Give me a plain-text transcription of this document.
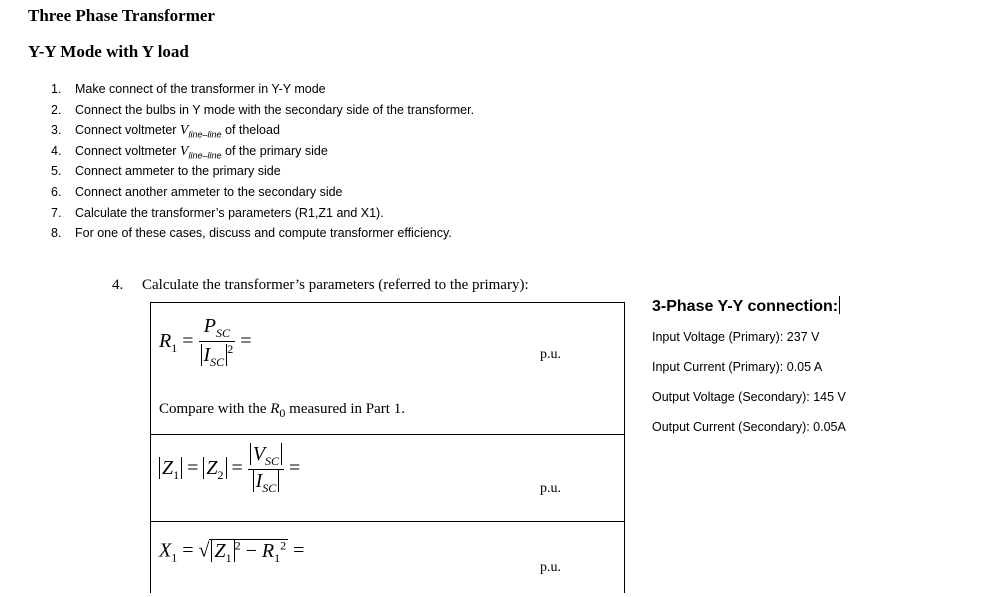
Three Phase Transformer
Y-Y Mode with Y load
1. Make connect of the transformer in Y-Y mode
2. Connect the bulbs in Y mode with the secondary side of the transformer.
3. Connect voltmeter $V_{line-line}$ of theload
4. Connect voltmeter $V_{line-line}$ of the primary side
5. Connect ammeter to the primary side
6. Connect another ammeter to the secondary side
7. Calculate the transformer’s parameters (R1,Z1 and X1).
8. For one of these cases, discuss and compute transformer efficiency.
4. Calculate the transformer’s parameters (referred to the primary):
$R_1 = \frac{P_{SC}}{I_{SC}^2}$ =
p.u.
Compare with the $R_0$ measured in Part 1.
$Z_1 = Z_2 = \frac{V_{SC}}{I_{SC}}$ =
p.u.
$X_1$ = √ $Z_1^2 - R_1^2$ =
p.u.
3-Phase Y-Y connection:
Input Voltage (Primary): 237 V
Input Current (Primary): 0.05 A
Output Voltage (Secondary): 145 V
Output Current (Secondary): 0.05A
